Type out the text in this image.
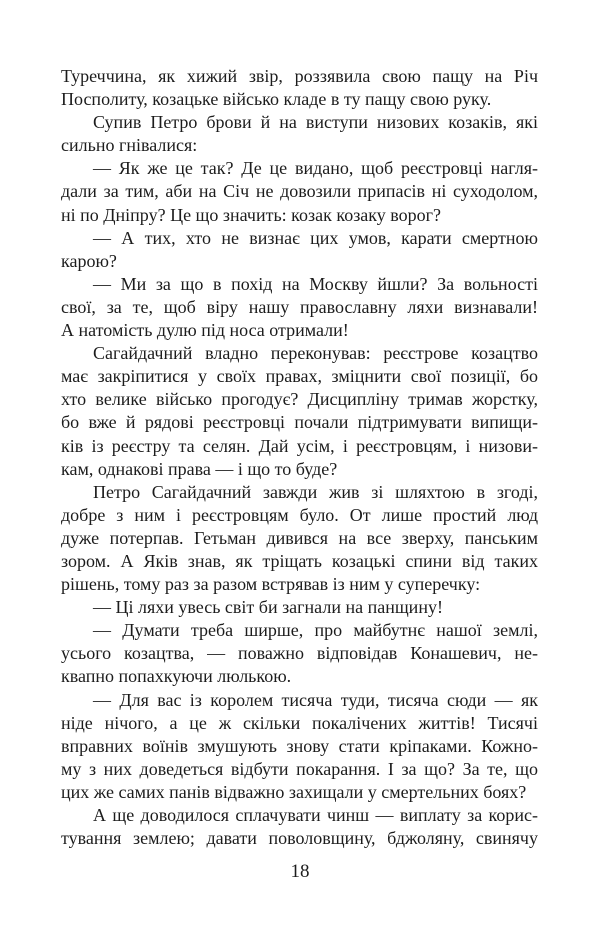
Туреччина, як хижий звір, роззявила свою пащу на Річ
Посполиту, козацьке військо кладе в ту пащу свою руку.
Супив Петро брови й на виступи низових козаків, які
сильно гнівалися:
— Як же це так? Де це видано, щоб реєстровці нагля-
дали за тим, аби на Січ не довозили припасів ні суходолом,
ні по Дніпру? Це що значить: козак козаку ворог?
— А тих, хто не визнає цих умов, карати смертною
карою?
— Ми за що в похід на Москву йшли? За вольності
свої, за те, щоб віру нашу православну ляхи визнавали!
А натомість дулю під носа отримали!
Сагайдачний владно переконував: реєстрове козацтво
має закріпитися у своїх правах, зміцнити свої позиції, бо
хто велике військо прогодує? Дисципліну тримав жорстку,
бо вже й рядові реєстровці почали підтримувати випищи-
ків із реєстру та селян. Дай усім, і реєстровцям, і низови-
кам, однакові права — і що то буде?
Петро Сагайдачний завжди жив зі шляхтою в згоді,
добре з ним і реєстровцям було. От лише простий люд
дуже потерпав. Гетьман дивився на все зверху, панським
зором. А Яків знав, як тріщать козацькі спини від таких
рішень, тому раз за разом встрявав із ним у суперечку:
— Ці ляхи увесь світ би загнали на панщину!
— Думати треба ширше, про майбутнє нашої землі,
усього козацтва, — поважно відповідав Конашевич, не-
квапно попахкуючи люлькою.
— Для вас із королем тисяча туди, тисяча сюди — як
ніде нічого, а це ж скільки покалічених життів! Тисячі
вправних воїнів змушують знову стати кріпаками. Кожно-
му з них доведеться відбути покарання. І за що? За те, що
цих же самих панів відважно захищали у смертельних боях?
А ще доводилося сплачувати чинш — виплату за корис-
тування землею; давати поволовщину, бджоляну, свинячу
18
